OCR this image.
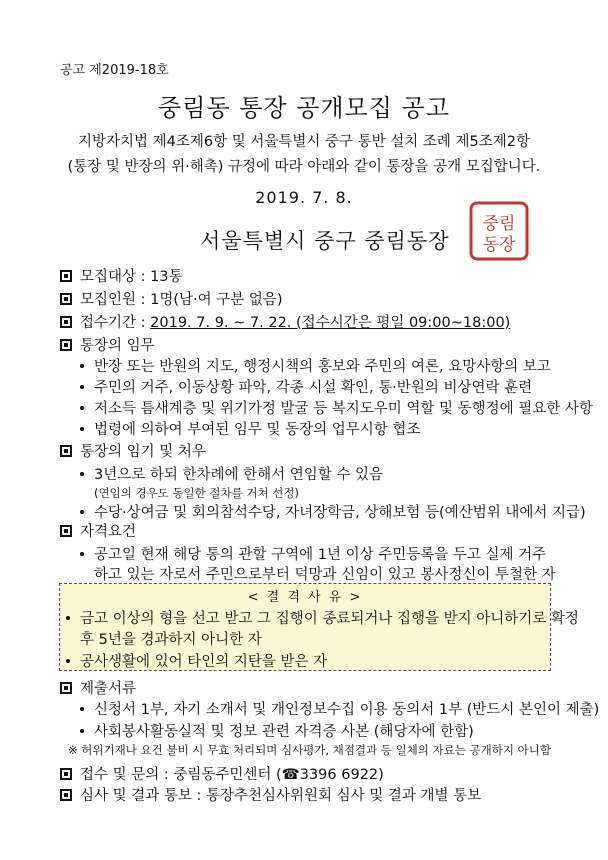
공고 제2019-18호
중림동 통장 공개모집 공고
지방자치법 제4조제6항 및 서울특별시 중구 통반 설치 조례 제5조제2항
(통장 및 반장의 위·해촉) 규정에 따라 아래와 같이 통장을 공개 모집합니다.
2019. 7. 8.
서울특별시 중구 중림동장
중림
동장
모집대상 : 13통
모집인원 : 1명(남·여 구분 없음)
접수기간 : 2019. 7. 9. ~ 7. 22. (접수시간은 평일 09:00~18:00)
통장의 임무
반장 또는 반원의 지도, 행정시책의 홍보와 주민의 여론, 요망사항의 보고
주민의 거주, 이동상황 파악, 각종 시설 확인, 통·반원의 비상연락 훈련
저소득 틈새계층 및 위기가정 발굴 등 복지도우미 역할 및 동행정에 필요한 사항
법령에 의하여 부여된 임무 및 동장의 업무시항 협조
통장의 임기 및 처우
3년으로 하되 한차례에 한해서 연임할 수 있음
(연임의 경우도 동일한 절차를 거쳐 선정)
수당·상여금 및 회의참석수당, 자녀장학금, 상해보험 등(예산범위 내에서 지급)
자격요건
공고일 현재 해당 통의 관할 구역에 1년 이상 주민등록을 두고 실제 거주
하고 있는 자로서 주민으로부터 덕망과 신임이 있고 봉사정신이 투철한 자
< 결 격 사 유 >
금고 이상의 형을 선고 받고 그 집행이 종료되거나 집행을 받지 아니하기로 확정
후 5년을 경과하지 아니한 자
공사생활에 있어 타인의 지탄을 받은 자
제출서류
신청서 1부, 자기 소개서 및 개인정보수집 이용 동의서 1부 (반드시 본인이 제출)
사회봉사활동실적 및 정보 관련 자격증 사본 (해당자에 한함)
※ 허위기재나 요건 불비 시 무효 처리되며 심사평가, 채점결과 등 일체의 자료는 공개하지 아니함
접수 및 문의 : 중림동주민센터 (☎3396 6922)
심사 및 결과 통보 : 통장추천심사위원회 심사 및 결과 개별 통보
